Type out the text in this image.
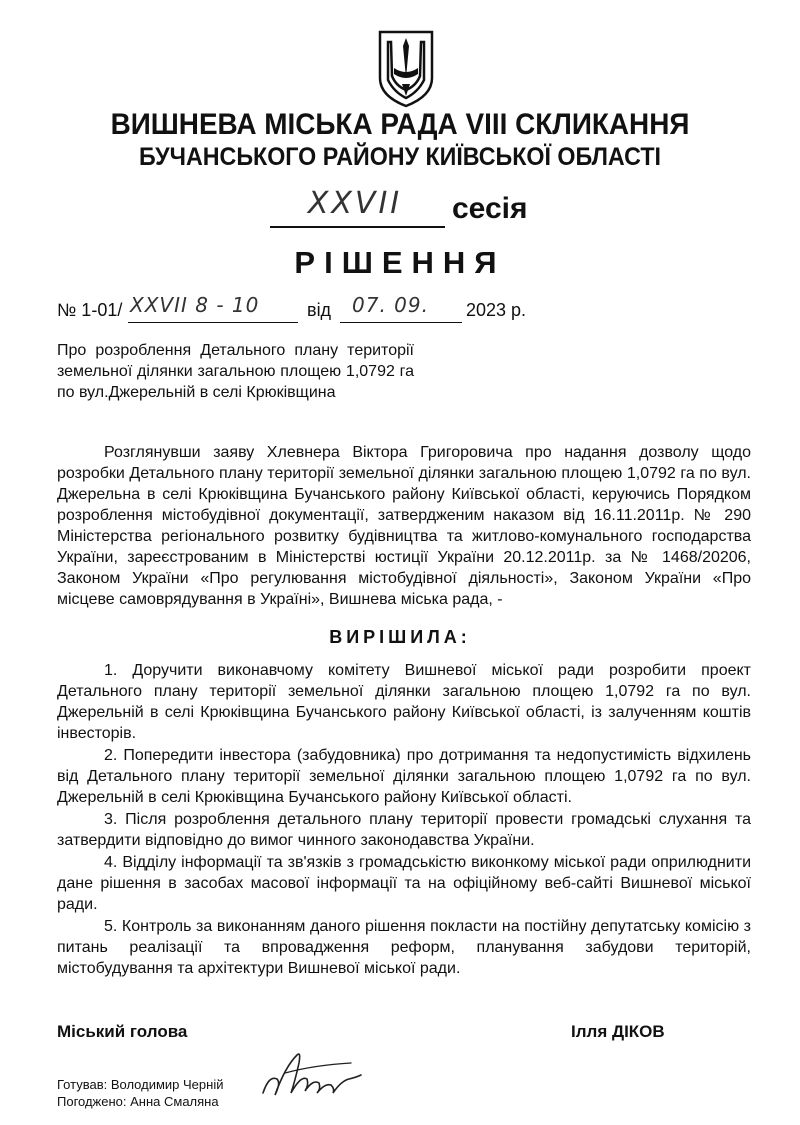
ВИШНЕВА МІСЬКА РАДА VIII СКЛИКАННЯ
БУЧАНСЬКОГО РАЙОНУ КИЇВСЬКОЇ ОБЛАСТІ
XXVII сесія
РІШЕННЯ
№ 1-01/ XXVII 8 - 10	від 07. 09.	2023 р.
Про розроблення Детального плану території земельної ділянки загальною площею 1,0792 га по вул.Джерельній в селі Крюківщина
Розглянувши заяву Хлевнера Віктора Григоровича про надання дозволу щодо розробки Детального плану території земельної ділянки загальною площею 1,0792 га по вул. Джерельна в селі Крюківщина Бучанського району Київської області, керуючись Порядком розроблення містобудівної документації, затвердженим наказом від 16.11.2011р. № 290 Міністерства регіонального розвитку будівництва та житлово-комунального господарства України, зареєстрованим в Міністерстві юстиції України 20.12.2011р. за № 1468/20206, Законом України «Про регулювання містобудівної діяльності», Законом України «Про місцеве самоврядування в Україні», Вишнева міська рада, -
ВИРІШИЛА:

1. Доручити виконавчому комітету Вишневої міської ради розробити проект Детального плану території земельної ділянки загальною площею 1,0792 га по вул. Джерельній в селі Крюківщина Бучанського району Київської області, із залученням коштів інвесторів.

2. Попередити інвестора (забудовника) про дотримання та недопустимість відхилень від Детального плану території земельної ділянки загальною площею 1,0792 га по вул. Джерельній в селі Крюківщина Бучанського району Київської області.

3. Після розроблення детального плану території провести громадські слухання та затвердити відповідно до вимог чинного законодавства України.

4. Відділу інформації та зв'язків з громадськістю виконкому міської ради оприлюднити дане рішення в засобах масової інформації та на офіційному веб-сайті Вишневої міської ради.

5. Контроль за виконанням даного рішення покласти на постійну депутатську комісію з питань реалізації та впровадження реформ, планування забудови територій, містобудування та архітектури Вишневої міської ради.

Міський голова	Ілля ДІКОВ
Готував: Володимир Черній
Погоджено: Анна Смаляна
